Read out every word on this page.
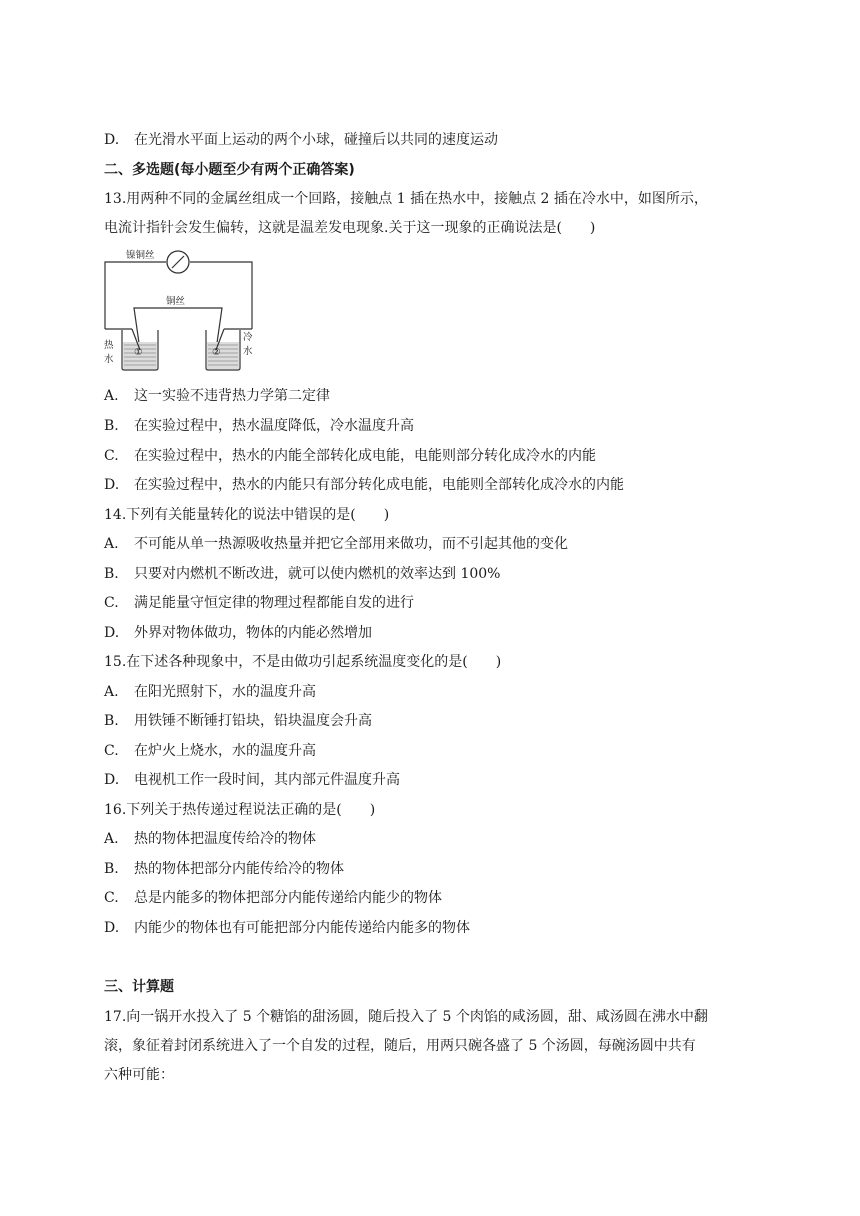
D. 在光滑水平面上运动的两个小球，碰撞后以共同的速度运动
二、多选题(每小题至少有两个正确答案)
13.用两种不同的金属丝组成一个回路，接触点 1 插在热水中，接触点 2 插在冷水中，如图所示，
电流计指针会发生偏转，这就是温差发电现象.关于这一现象的正确说法是(　　)
镍铜丝
铜丝
①	②
热
水
冷
水
A. 这一实验不违背热力学第二定律
B. 在实验过程中，热水温度降低，冷水温度升高
C. 在实验过程中，热水的内能全部转化成电能，电能则部分转化成冷水的内能
D. 在实验过程中，热水的内能只有部分转化成电能，电能则全部转化成冷水的内能
14.下列有关能量转化的说法中错误的是(　　)
A. 不可能从单一热源吸收热量并把它全部用来做功，而不引起其他的变化
B. 只要对内燃机不断改进，就可以使内燃机的效率达到 100%
C. 满足能量守恒定律的物理过程都能自发的进行
D. 外界对物体做功，物体的内能必然增加
15.在下述各种现象中，不是由做功引起系统温度变化的是(　　)
A. 在阳光照射下，水的温度升高
B. 用铁锤不断锤打铅块，铅块温度会升高
C. 在炉火上烧水，水的温度升高
D. 电视机工作一段时间，其内部元件温度升高
16.下列关于热传递过程说法正确的是(　　)
A. 热的物体把温度传给冷的物体
B. 热的物体把部分内能传给冷的物体
C. 总是内能多的物体把部分内能传递给内能少的物体
D. 内能少的物体也有可能把部分内能传递给内能多的物体
三、计算题
17.向一锅开水投入了 5 个糖馅的甜汤圆，随后投入了 5 个肉馅的咸汤圆，甜、咸汤圆在沸水中翻
滚，象征着封闭系统进入了一个自发的过程，随后，用两只碗各盛了 5 个汤圆，每碗汤圆中共有
六种可能：
